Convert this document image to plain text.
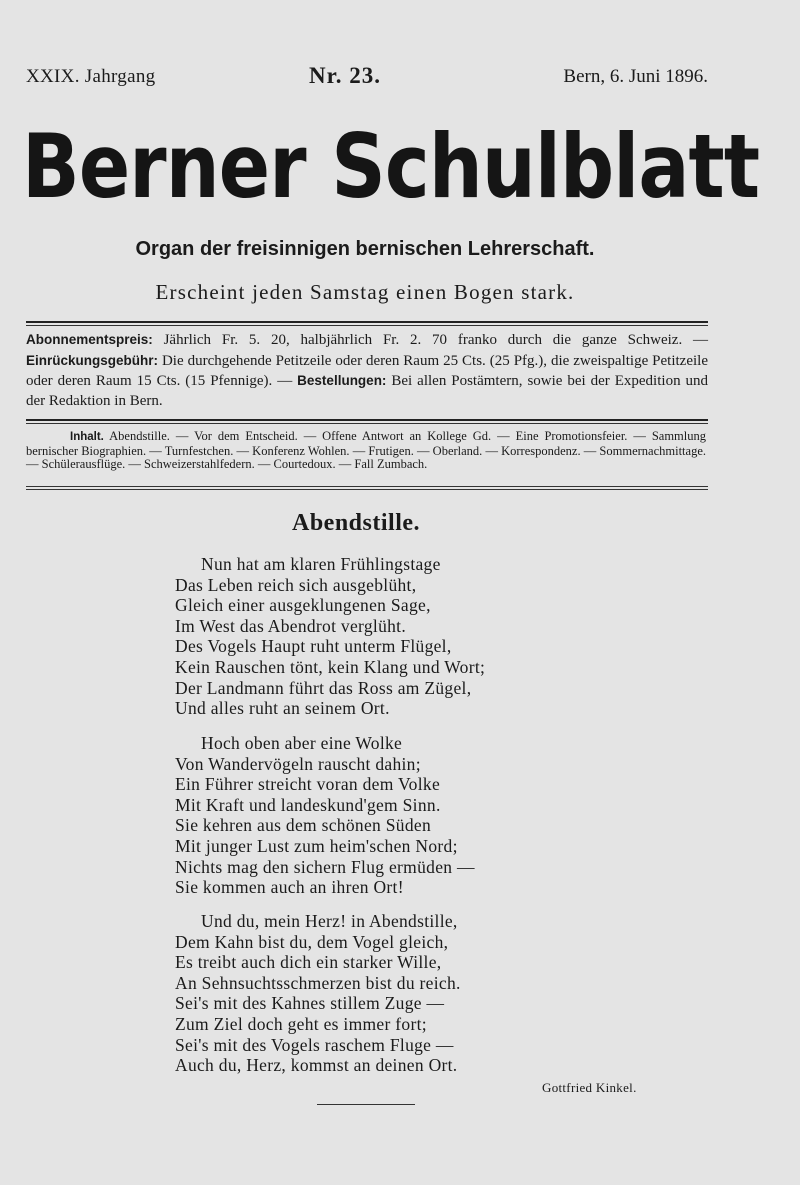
XXIX. Jahrgang	Nr. 23.	Bern, 6. Juni 1896.
Berner Schulblatt
Organ der freisinnigen bernischen Lehrerschaft.
Erscheint jeden Samstag einen Bogen stark.
Abonnementspreis: Jährlich Fr. 5. 20, halbjährlich Fr. 2. 70 franko durch die ganze Schweiz. — Einrückungsgebühr: Die durchgehende Petitzeile oder deren Raum 25 Cts. (25 Pfg.), die zweispaltige Petitzeile oder deren Raum 15 Cts. (15 Pfennige). — Bestellungen: Bei allen Postämtern, sowie bei der Expedition und der Redaktion in Bern.
Inhalt. Abendstille. — Vor dem Entscheid. — Offene Antwort an Kollege Gd. — Eine Promotionsfeier. — Sammlung bernischer Biographien. — Turnfestchen. — Konferenz Wohlen. — Frutigen. — Oberland. — Korrespondenz. — Sommernachmittage. — Schülerausflüge. — Schweizerstahlfedern. — Courtedoux. — Fall Zumbach.
Abendstille.
Nun hat am klaren Frühlingstage
Das Leben reich sich ausgeblüht,
Gleich einer ausgeklungenen Sage,
Im West das Abendrot verglüht.
Des Vogels Haupt ruht unterm Flügel,
Kein Rauschen tönt, kein Klang und Wort;
Der Landmann führt das Ross am Zügel,
Und alles ruht an seinem Ort.
Hoch oben aber eine Wolke
Von Wandervögeln rauscht dahin;
Ein Führer streicht voran dem Volke
Mit Kraft und landeskund'gem Sinn.
Sie kehren aus dem schönen Süden
Mit junger Lust zum heim'schen Nord;
Nichts mag den sichern Flug ermüden —
Sie kommen auch an ihren Ort!
Und du, mein Herz! in Abendstille,
Dem Kahn bist du, dem Vogel gleich,
Es treibt auch dich ein starker Wille,
An Sehnsuchtsschmerzen bist du reich.
Sei's mit des Kahnes stillem Zuge —
Zum Ziel doch geht es immer fort;
Sei's mit des Vogels raschem Fluge —
Auch du, Herz, kommst an deinen Ort.
Gottfried Kinkel.
